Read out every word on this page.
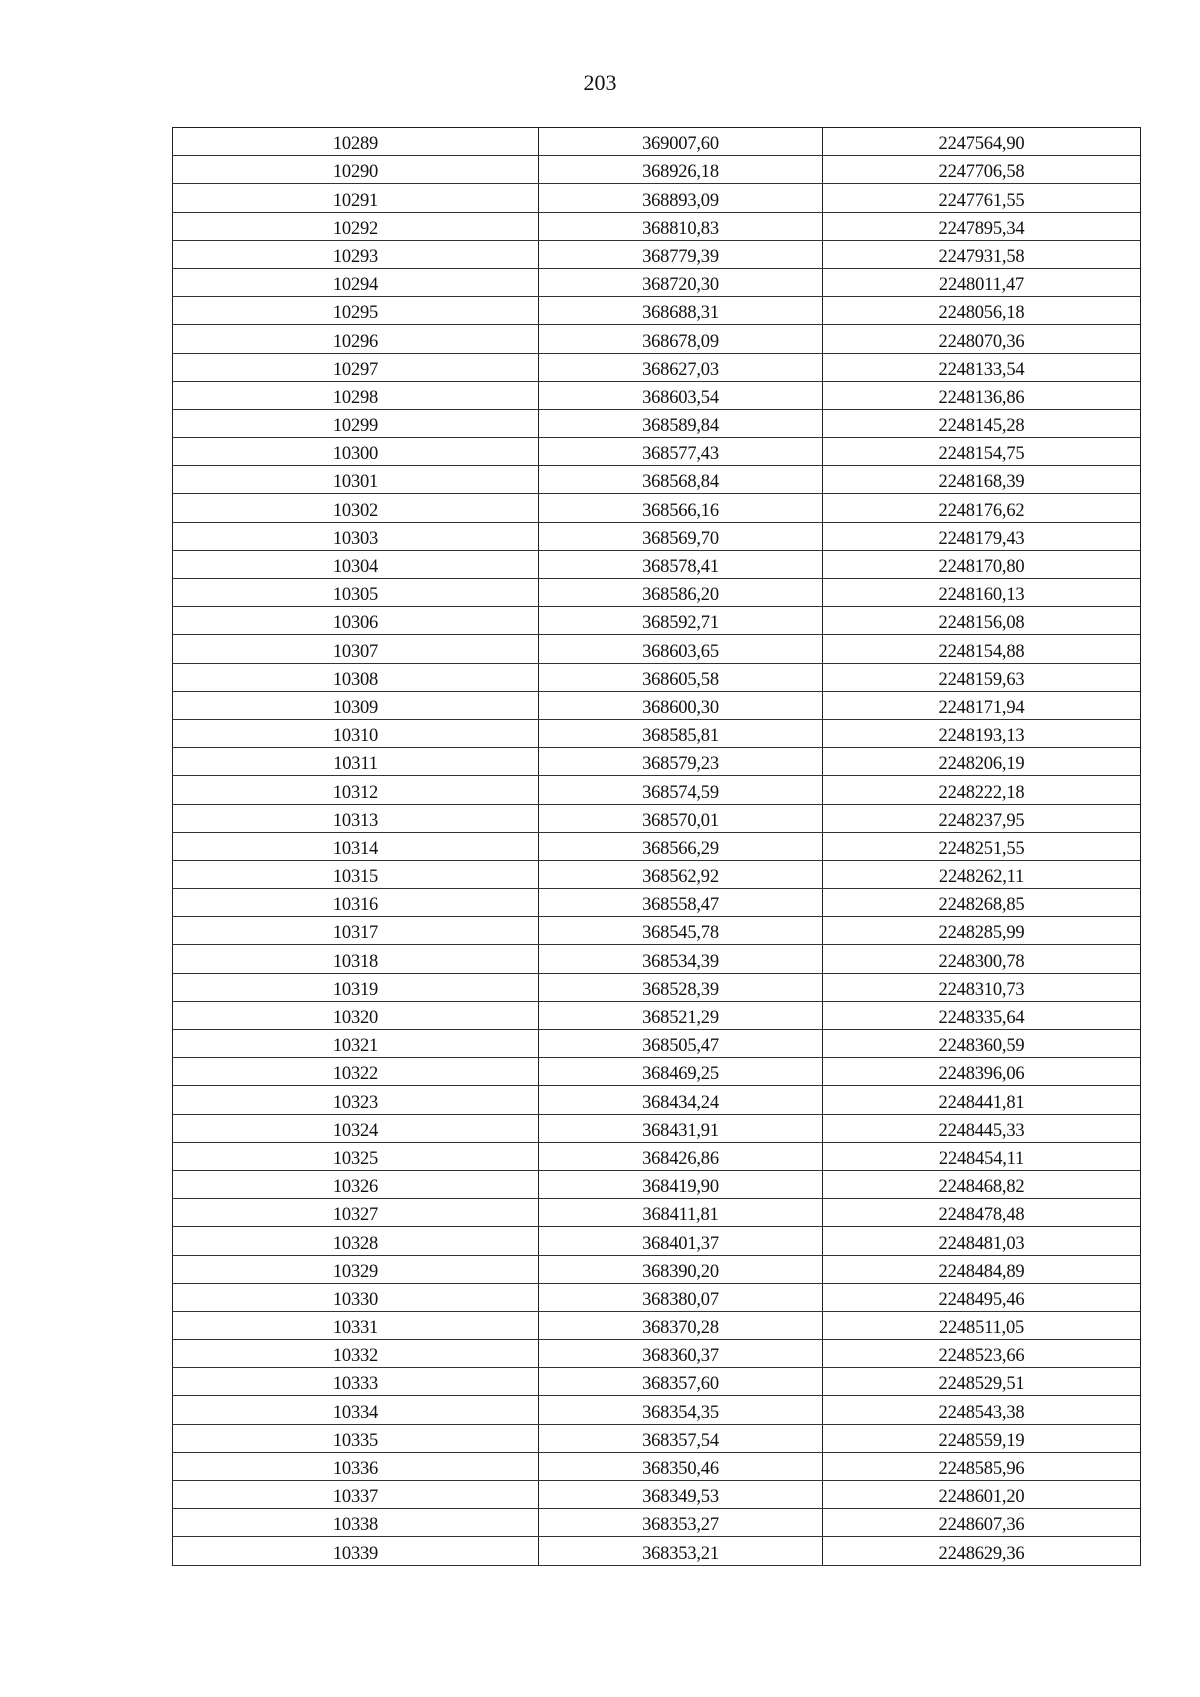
203
10289	369007,60	2247564,90
10290	368926,18	2247706,58
10291	368893,09	2247761,55
10292	368810,83	2247895,34
10293	368779,39	2247931,58
10294	368720,30	2248011,47
10295	368688,31	2248056,18
10296	368678,09	2248070,36
10297	368627,03	2248133,54
10298	368603,54	2248136,86
10299	368589,84	2248145,28
10300	368577,43	2248154,75
10301	368568,84	2248168,39
10302	368566,16	2248176,62
10303	368569,70	2248179,43
10304	368578,41	2248170,80
10305	368586,20	2248160,13
10306	368592,71	2248156,08
10307	368603,65	2248154,88
10308	368605,58	2248159,63
10309	368600,30	2248171,94
10310	368585,81	2248193,13
10311	368579,23	2248206,19
10312	368574,59	2248222,18
10313	368570,01	2248237,95
10314	368566,29	2248251,55
10315	368562,92	2248262,11
10316	368558,47	2248268,85
10317	368545,78	2248285,99
10318	368534,39	2248300,78
10319	368528,39	2248310,73
10320	368521,29	2248335,64
10321	368505,47	2248360,59
10322	368469,25	2248396,06
10323	368434,24	2248441,81
10324	368431,91	2248445,33
10325	368426,86	2248454,11
10326	368419,90	2248468,82
10327	368411,81	2248478,48
10328	368401,37	2248481,03
10329	368390,20	2248484,89
10330	368380,07	2248495,46
10331	368370,28	2248511,05
10332	368360,37	2248523,66
10333	368357,60	2248529,51
10334	368354,35	2248543,38
10335	368357,54	2248559,19
10336	368350,46	2248585,96
10337	368349,53	2248601,20
10338	368353,27	2248607,36
10339	368353,21	2248629,36
